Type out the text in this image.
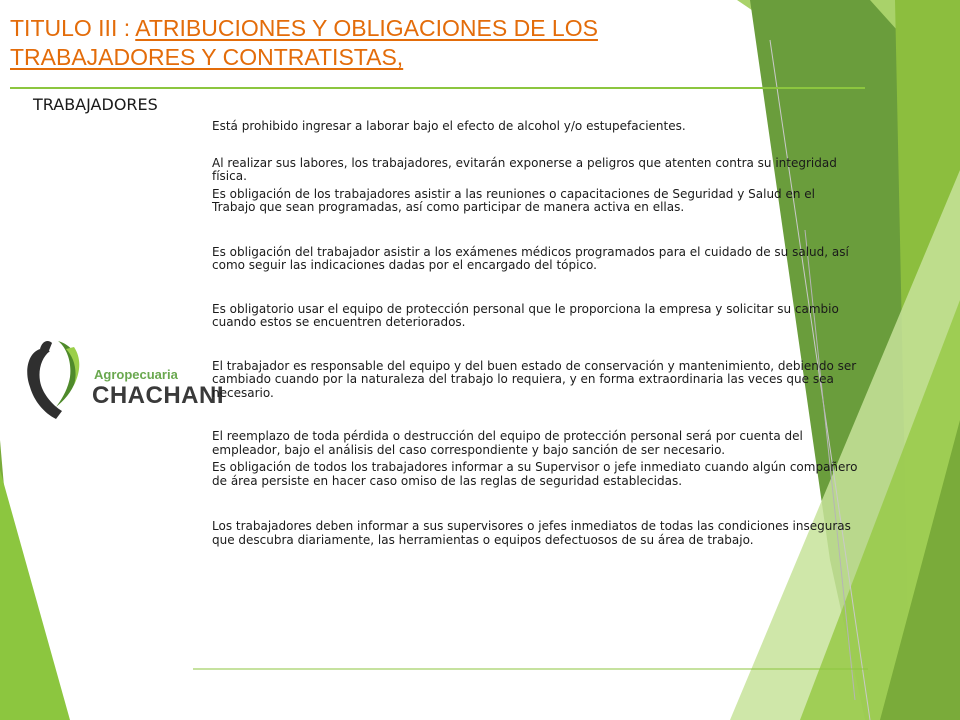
TITULO III : ATRIBUCIONES Y OBLIGACIONES DE LOS
TRABAJADORES Y CONTRATISTAS,
TRABAJADORES
Agropecuaria
CHACHANI

Está prohibido ingresar a laborar bajo el efecto de alcohol y/o estupefacientes.

Al realizar sus labores, los trabajadores, evitarán exponerse a peligros que atenten contra su integridad física.

Es obligación de los trabajadores asistir a las reuniones o capacitaciones de Seguridad y Salud en el Trabajo que sean programadas, así como participar de manera activa en ellas.

Es obligación del trabajador asistir a los exámenes médicos programados para el cuidado de su salud, así como seguir las indicaciones dadas por el encargado del tópico.

Es obligatorio usar el equipo de protección personal que le proporciona la empresa y solicitar su cambio cuando estos se encuentren deteriorados.

El trabajador es responsable del equipo y del buen estado de conservación y mantenimiento, debiendo ser cambiado cuando por la naturaleza del trabajo lo requiera, y en forma extraordinaria las veces que sea necesario.

El reemplazo de toda pérdida o destrucción del equipo de protección personal será por cuenta del empleador, bajo el análisis del caso correspondiente y bajo sanción de ser necesario.

Es obligación de todos los trabajadores informar a su Supervisor o jefe inmediato cuando algún compañero de área persiste en hacer caso omiso de las reglas de seguridad establecidas.

Los trabajadores deben informar a sus supervisores o jefes inmediatos de todas las condiciones inseguras que descubra diariamente, las herramientas o equipos defectuosos de su área de trabajo.
